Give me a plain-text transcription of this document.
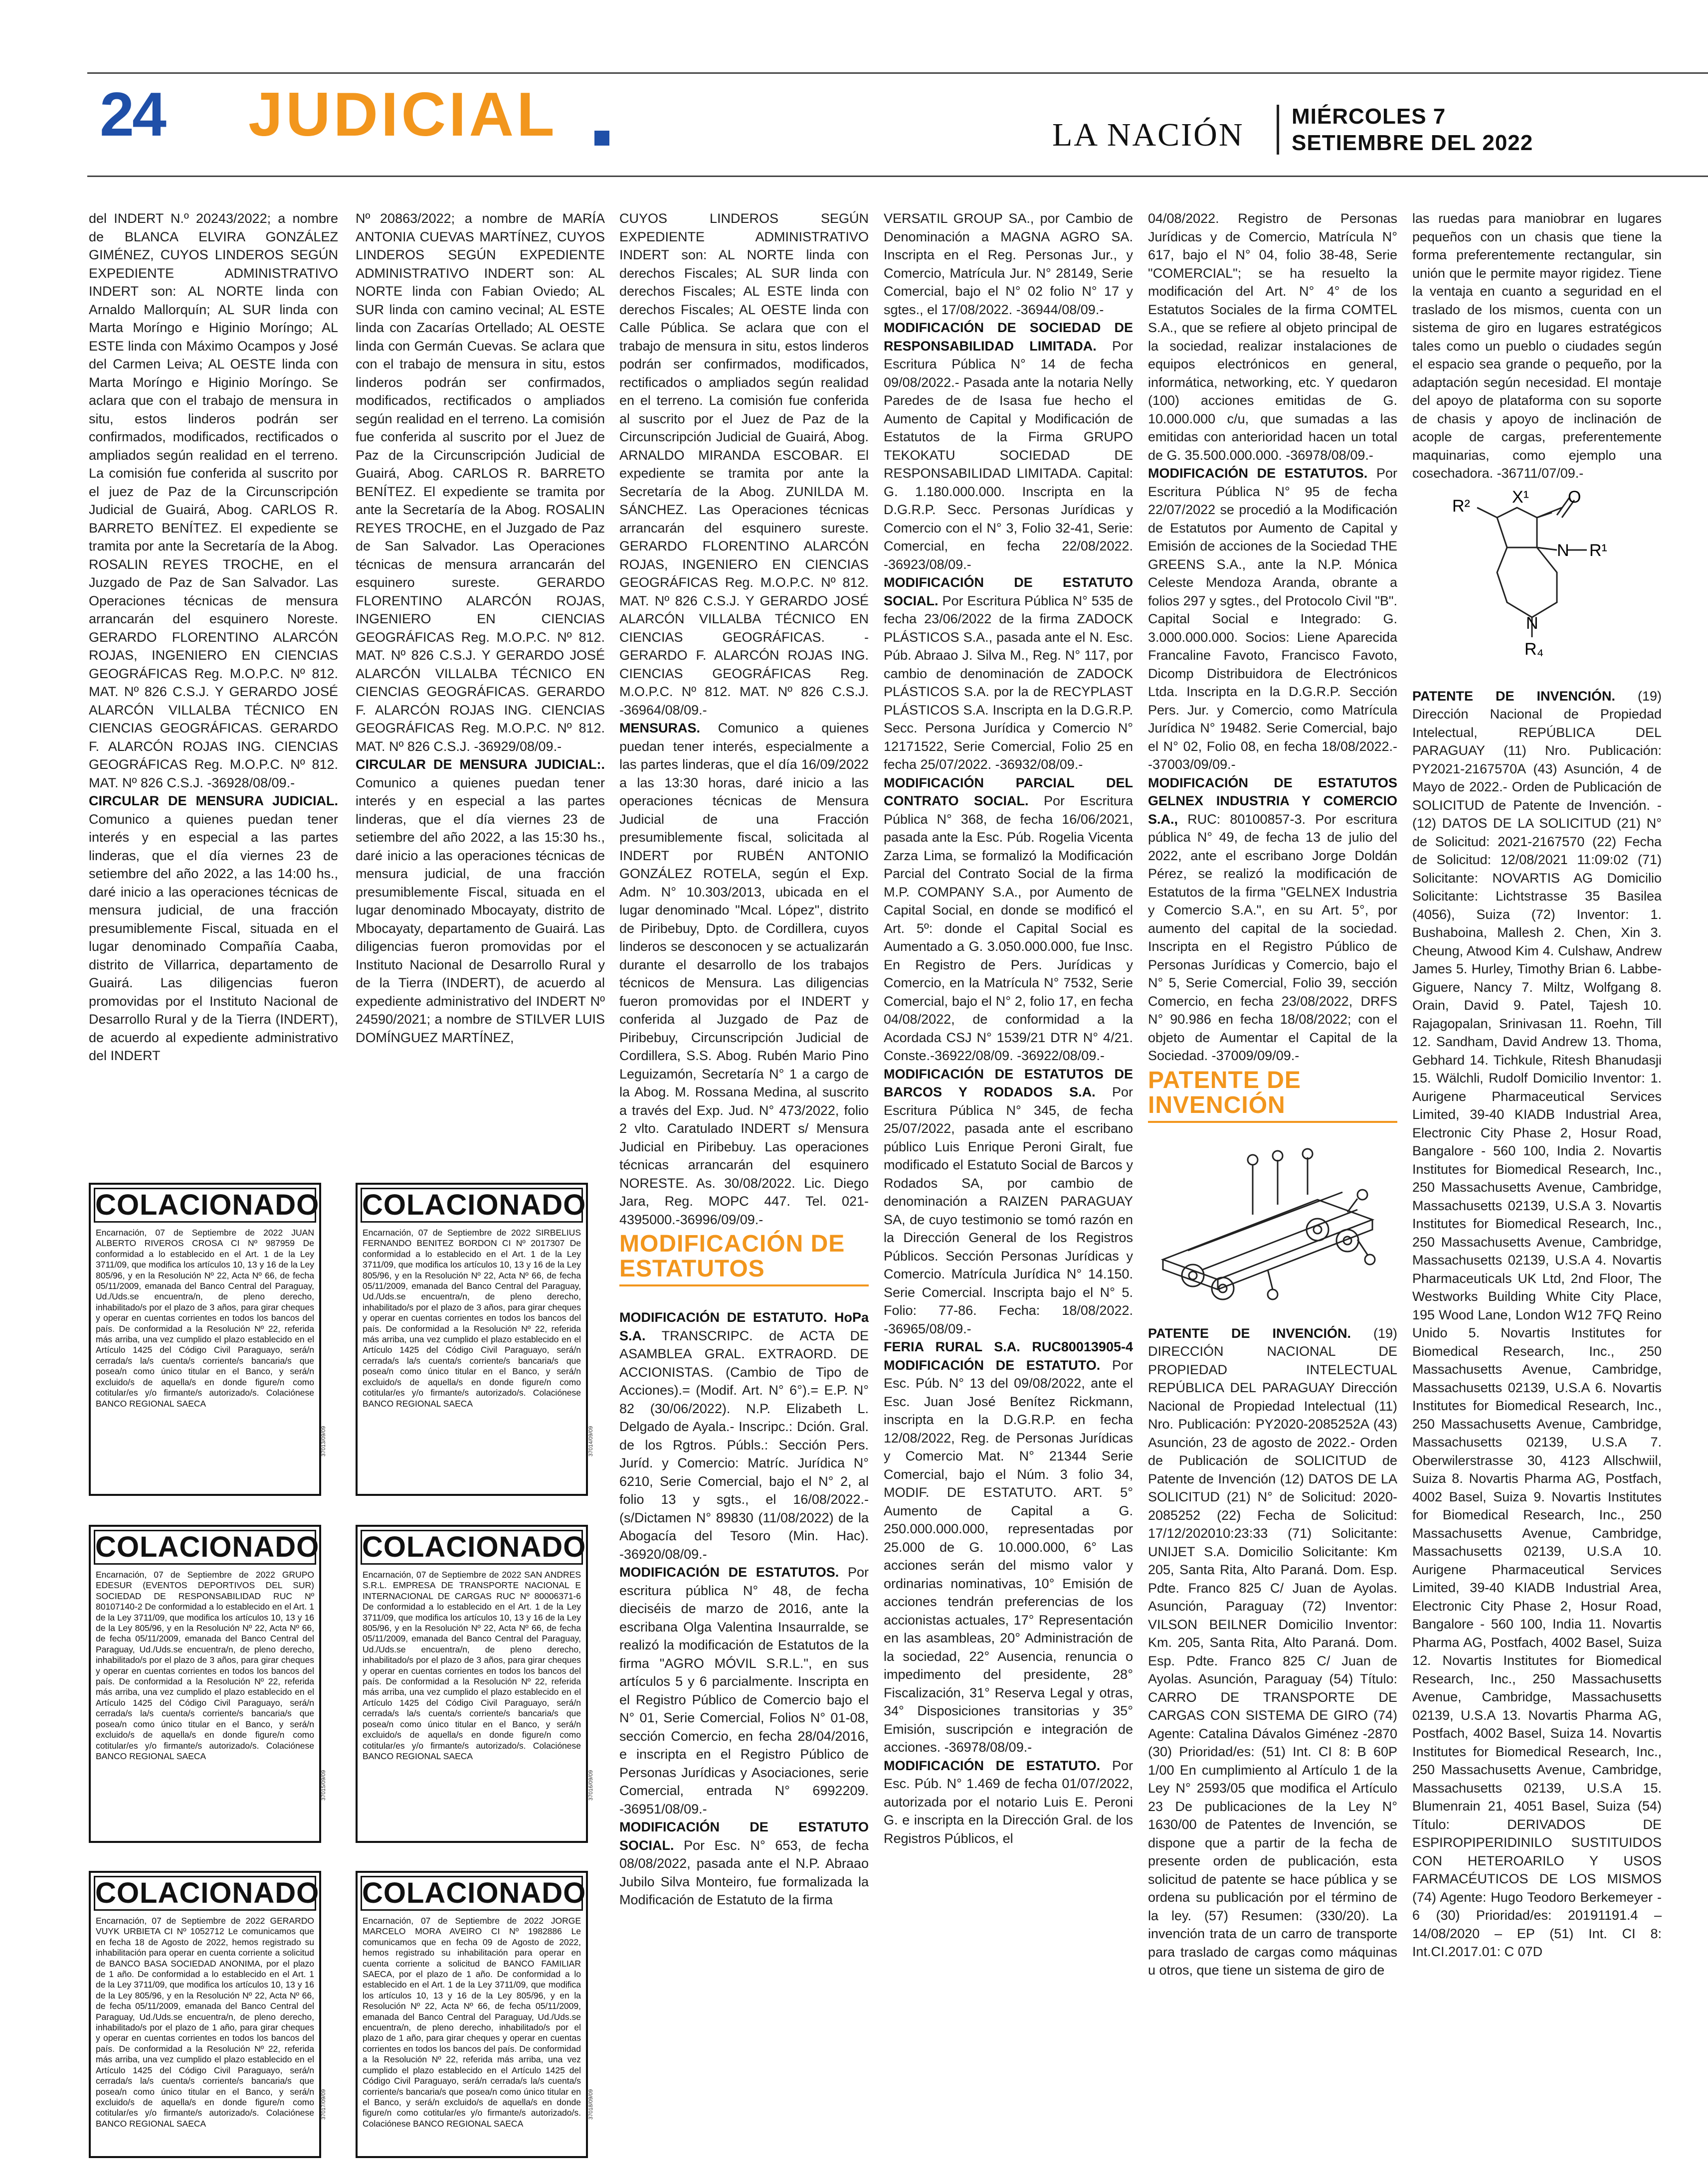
24 JUDICIAL	LA NACIÓN
MIÉRCOLES 7
SETIEMBRE DEL 2022

del INDERT N.º 20243/2022; a nombre de BLANCA ELVIRA GONZÁLEZ GIMÉNEZ, CUYOS LINDEROS SEGÚN EXPEDIENTE ADMINISTRATIVO INDERT son: AL NORTE linda con Arnaldo Mallorquín; AL SUR linda con Marta Moríngo e Higinio Moríngo; AL ESTE linda con Máximo Ocampos y José del Carmen Leiva; AL OESTE linda con Marta Moríngo e Higinio Moríngo. Se aclara que con el trabajo de mensura in situ, estos linderos podrán ser confirmados, modificados, rectificados o ampliados según realidad en el terreno. La comisión fue conferida al suscrito por el juez de Paz de la Circunscripción Judicial de Guairá, Abog. CARLOS R. BARRETO BENÍTEZ. El expediente se tramita por ante la Secretaría de la Abog. ROSALIN REYES TROCHE, en el Juzgado de Paz de San Salvador. Las Operaciones técnicas de mensura arrancarán del esquinero Noreste. GERARDO FLORENTINO ALARCÓN ROJAS, INGENIERO EN CIENCIAS GEOGRÁFICAS Reg. M.O.P.C. Nº 812. MAT. Nº 826 C.S.J. Y GERARDO JOSÉ ALARCÓN VILLALBA TÉCNICO EN CIENCIAS GEOGRÁFICAS. GERARDO F. ALARCÓN ROJAS ING. CIENCIAS GEOGRÁFICAS Reg. M.O.P.C. Nº 812. MAT. Nº 826 C.S.J. -36928/08/09.-

CIRCULAR DE MENSURA JUDICIAL. Comunico a quienes puedan tener interés y en especial a las partes linderas, que el día viernes 23 de setiembre del año 2022, a las 14:00 hs., daré inicio a las operaciones técnicas de mensura judicial, de una fracción presumiblemente Fiscal, situada en el lugar denominado Compañía Caaba, distrito de Villarrica, departamento de Guairá. Las diligencias fueron promovidas por el Instituto Nacional de Desarrollo Rural y de la Tierra (INDERT), de acuerdo al expediente administrativo del INDERT

Nº 20863/2022; a nombre de MARÍA ANTONIA CUEVAS MARTÍNEZ, CUYOS LINDEROS SEGÚN EXPEDIENTE ADMINISTRATIVO INDERT son: AL NORTE linda con Fabian Oviedo; AL SUR linda con camino vecinal; AL ESTE linda con Zacarías Ortellado; AL OESTE linda con Germán Cuevas. Se aclara que con el trabajo de mensura in situ, estos linderos podrán ser confirmados, modificados, rectificados o ampliados según realidad en el terreno. La comisión fue conferida al suscrito por el Juez de Paz de la Circunscripción Judicial de Guairá, Abog. CARLOS R. BARRETO BENÍTEZ. El expediente se tramita por ante la Secretaría de la Abog. ROSALIN REYES TROCHE, en el Juzgado de Paz de San Salvador. Las Operaciones técnicas de mensura arrancarán del esquinero sureste. GERARDO FLORENTINO ALARCÓN ROJAS, INGENIERO EN CIENCIAS GEOGRÁFICAS Reg. M.O.P.C. Nº 812. MAT. Nº 826 C.S.J. Y GERARDO JOSÉ ALARCÓN VILLALBA TÉCNICO EN CIENCIAS GEOGRÁFICAS. GERARDO F. ALARCÓN ROJAS ING. CIENCIAS GEOGRÁFICAS Reg. M.O.P.C. Nº 812. MAT. Nº 826 C.S.J. -36929/08/09.-

CIRCULAR DE MENSURA JUDICIAL:. Comunico a quienes puedan tener interés y en especial a las partes linderas, que el día viernes 23 de setiembre del año 2022, a las 15:30 hs., daré inicio a las operaciones técnicas de mensura judicial, de una fracción presumiblemente Fiscal, situada en el lugar denominado Mbocayaty, distrito de Mbocayaty, departamento de Guairá. Las diligencias fueron promovidas por el Instituto Nacional de Desarrollo Rural y de la Tierra (INDERT), de acuerdo al expediente administrativo del INDERT Nº 24590/2021; a nombre de STILVER LUIS DOMÍNGUEZ MARTÍNEZ,

COLACIONADO
Encarnación, 07 de Septiembre de 2022 JUAN ALBERTO RIVEROS CROSA CI Nº 987959 De conformidad a lo establecido en el Art. 1 de la Ley 3711/09, que modifica los artículos 10, 13 y 16 de la Ley 805/96, y en la Resolución Nº 22, Acta Nº 66, de fecha 05/11/2009, emanada del Banco Central del Paraguay, Ud./Uds.se encuentra/n, de pleno derecho, inhabilitado/s por el plazo de 3 años, para girar cheques y operar en cuentas corrientes en todos los bancos del país. De conformidad a la Resolución Nº 22, referida más arriba, una vez cumplido el plazo establecido en el Artículo 1425 del Código Civil Paraguayo, será/n cerrada/s la/s cuenta/s corriente/s bancaria/s que posea/n como único titular en el Banco, y será/n excluido/s de aquella/s en donde figure/n como cotitular/es y/o firmante/s autorizado/s. Colaciónese BANCO REGIONAL SAECA
37013/09/09
COLACIONADO
Encarnación, 07 de Septiembre de 2022 SIRBELIUS FERNANDO BENITEZ BORDON CI Nº 2017307 De conformidad a lo establecido en el Art. 1 de la Ley 3711/09, que modifica los artículos 10, 13 y 16 de la Ley 805/96, y en la Resolución Nº 22, Acta Nº 66, de fecha 05/11/2009, emanada del Banco Central del Paraguay, Ud./Uds.se encuentra/n, de pleno derecho, inhabilitado/s por el plazo de 3 años, para girar cheques y operar en cuentas corrientes en todos los bancos del país. De conformidad a la Resolución Nº 22, referida más arriba, una vez cumplido el plazo establecido en el Artículo 1425 del Código Civil Paraguayo, será/n cerrada/s la/s cuenta/s corriente/s bancaria/s que posea/n como único titular en el Banco, y será/n excluido/s de aquella/s en donde figure/n como cotitular/es y/o firmante/s autorizado/s. Colaciónese BANCO REGIONAL SAECA
37014/09/09
COLACIONADO
Encarnación, 07 de Septiembre de 2022 GRUPO EDESUR (EVENTOS DEPORTIVOS DEL SUR) SOCIEDAD DE RESPONSABILIDAD RUC Nº 80107140-2 De conformidad a lo establecido en el Art. 1 de la Ley 3711/09, que modifica los artículos 10, 13 y 16 de la Ley 805/96, y en la Resolución Nº 22, Acta Nº 66, de fecha 05/11/2009, emanada del Banco Central del Paraguay, Ud./Uds.se encuentra/n, de pleno derecho, inhabilitado/s por el plazo de 3 años, para girar cheques y operar en cuentas corrientes en todos los bancos del país. De conformidad a la Resolución Nº 22, referida más arriba, una vez cumplido el plazo establecido en el Artículo 1425 del Código Civil Paraguayo, será/n cerrada/s la/s cuenta/s corriente/s bancaria/s que posea/n como único titular en el Banco, y será/n excluido/s de aquella/s en donde figure/n como cotitular/es y/o firmante/s autorizado/s. Colaciónese BANCO REGIONAL SAECA
37015/09/09
COLACIONADO
Encarnación, 07 de Septiembre de 2022 SAN ANDRES S.R.L. EMPRESA DE TRANSPORTE NACIONAL E INTERNACIONAL DE CARGAS RUC Nº 80006371-6 De conformidad a lo establecido en el Art. 1 de la Ley 3711/09, que modifica los artículos 10, 13 y 16 de la Ley 805/96, y en la Resolución Nº 22, Acta Nº 66, de fecha 05/11/2009, emanada del Banco Central del Paraguay, Ud./Uds.se encuentra/n, de pleno derecho, inhabilitado/s por el plazo de 3 años, para girar cheques y operar en cuentas corrientes en todos los bancos del país. De conformidad a la Resolución Nº 22, referida más arriba, una vez cumplido el plazo establecido en el Artículo 1425 del Código Civil Paraguayo, será/n cerrada/s la/s cuenta/s corriente/s bancaria/s que posea/n como único titular en el Banco, y será/n excluido/s de aquella/s en donde figure/n como cotitular/es y/o firmante/s autorizado/s. Colaciónese BANCO REGIONAL SAECA
37016/09/09
COLACIONADO
Encarnación, 07 de Septiembre de 2022 GERARDO VUYK URBIETA CI Nº 1052712 Le comunicamos que en fecha 18 de Agosto de 2022, hemos registrado su inhabilitación para operar en cuenta corriente a solicitud de BANCO BASA SOCIEDAD ANONIMA, por el plazo de 1 año. De conformidad a lo establecido en el Art. 1 de la Ley 3711/09, que modifica los artículos 10, 13 y 16 de la Ley 805/96, y en la Resolución Nº 22, Acta Nº 66, de fecha 05/11/2009, emanada del Banco Central del Paraguay, Ud./Uds.se encuentra/n, de pleno derecho, inhabilitado/s por el plazo de 1 año, para girar cheques y operar en cuentas corrientes en todos los bancos del país. De conformidad a la Resolución Nº 22, referida más arriba, una vez cumplido el plazo establecido en el Artículo 1425 del Código Civil Paraguayo, será/n cerrada/s la/s cuenta/s corriente/s bancaria/s que posea/n como único titular en el Banco, y será/n excluido/s de aquella/s en donde figure/n como cotitular/es y/o firmante/s autorizado/s. Colaciónese BANCO REGIONAL SAECA
37017/09/09
COLACIONADO
Encarnación, 07 de Septiembre de 2022 JORGE MARCELO MORA AVEIRO CI Nº 1982886 Le comunicamos que en fecha 09 de Agosto de 2022, hemos registrado su inhabilitación para operar en cuenta corriente a solicitud de BANCO FAMILIAR SAECA, por el plazo de 1 año. De conformidad a lo establecido en el Art. 1 de la Ley 3711/09, que modifica los artículos 10, 13 y 16 de la Ley 805/96, y en la Resolución Nº 22, Acta Nº 66, de fecha 05/11/2009, emanada del Banco Central del Paraguay, Ud./Uds.se encuentra/n, de pleno derecho, inhabilitado/s por el plazo de 1 año, para girar cheques y operar en cuentas corrientes en todos los bancos del país. De conformidad a la Resolución Nº 22, referida más arriba, una vez cumplido el plazo establecido en el Artículo 1425 del Código Civil Paraguayo, será/n cerrada/s la/s cuenta/s corriente/s bancaria/s que posea/n como único titular en el Banco, y será/n excluido/s de aquella/s en donde figure/n como cotitular/es y/o firmante/s autorizado/s. Colaciónese BANCO REGIONAL SAECA
37018/09/09

CUYOS LINDEROS SEGÚN EXPEDIENTE ADMINISTRATIVO INDERT son: AL NORTE linda con derechos Fiscales; AL SUR linda con derechos Fiscales; AL ESTE linda con derechos Fiscales; AL OESTE linda con Calle Pública. Se aclara que con el trabajo de mensura in situ, estos linderos podrán ser confirmados, modificados, rectificados o ampliados según realidad en el terreno. La comisión fue conferida al suscrito por el Juez de Paz de la Circunscripción Judicial de Guairá, Abog. ARNALDO MIRANDA ESCOBAR. El expediente se tramita por ante la Secretaría de la Abog. ZUNILDA M. SÁNCHEZ. Las Operaciones técnicas arrancarán del esquinero sureste. GERARDO FLORENTINO ALARCÓN ROJAS, INGENIERO EN CIENCIAS GEOGRÁFICAS Reg. M.O.P.C. Nº 812. MAT. Nº 826 C.S.J. Y GERARDO JOSÉ ALARCÓN VILLALBA TÉCNICO EN CIENCIAS GEOGRÁFICAS. - GERARDO F. ALARCÓN ROJAS ING. CIENCIAS GEOGRÁFICAS Reg. M.O.P.C. Nº 812. MAT. Nº 826 C.S.J. -36964/08/09.-

MENSURAS. Comunico a quienes puedan tener interés, especialmente a las partes linderas, que el día 16/09/2022 a las 13:30 horas, daré inicio a las operaciones técnicas de Mensura Judicial de una Fracción presumiblemente fiscal, solicitada al INDERT por RUBÉN ANTONIO GONZÁLEZ ROTELA, según el Exp. Adm. N° 10.303/2013, ubicada en el lugar denominado "Mcal. López", distrito de Piribebuy, Dpto. de Cordillera, cuyos linderos se desconocen y se actualizarán durante el desarrollo de los trabajos técnicos de Mensura. Las diligencias fueron promovidas por el INDERT y conferida al Juzgado de Paz de Piribebuy, Circunscripción Judicial de Cordillera, S.S. Abog. Rubén Mario Pino Leguizamón, Secretaría N° 1 a cargo de la Abog. M. Rossana Medina, al suscrito a través del Exp. Jud. N° 473/2022, folio 2 vlto. Caratulado INDERT s/ Mensura Judicial en Piribebuy. Las operaciones técnicas arrancarán del esquinero NORESTE. As. 30/08/2022. Lic. Diego Jara, Reg. MOPC 447. Tel. 021-4395000.-36996/09/09.-

MODIFICACIÓN DE ESTATUTOS

MODIFICACIÓN DE ESTATUTO. HoPa S.A. TRANSCRIPC. de ACTA DE ASAMBLEA GRAL. EXTRAORD. DE ACCIONISTAS. (Cambio de Tipo de Acciones).= (Modif. Art. N° 6°).= E.P. N° 82 (30/06/2022). N.P. Elizabeth L. Delgado de Ayala.- Inscripc.: Dción. Gral. de los Rgtros. Públs.: Sección Pers. Juríd. y Comercio: Matríc. Jurídica N° 6210, Serie Comercial, bajo el N° 2, al folio 13 y sgts., el 16/08/2022.- (s/Dictamen N° 89830 (11/08/2022) de la Abogacía del Tesoro (Min. Hac). -36920/08/09.-

MODIFICACIÓN DE ESTATUTOS. Por escritura pública N° 48, de fecha dieciséis de marzo de 2016, ante la escribana Olga Valentina Insaurralde, se realizó la modificación de Estatutos de la firma "AGRO MÓVIL S.R.L.", en sus artículos 5 y 6 parcialmente. Inscripta en el Registro Público de Comercio bajo el N° 01, Serie Comercial, Folios N° 01-08, sección Comercio, en fecha 28/04/2016, e inscripta en el Registro Público de Personas Jurídicas y Asociaciones, serie Comercial, entrada N° 6992209. -36951/08/09.-

MODIFICACIÓN DE ESTATUTO SOCIAL. Por Esc. N° 653, de fecha 08/08/2022, pasada ante el N.P. Abraao Jubilo Silva Monteiro, fue formalizada la Modificación de Estatuto de la firma

VERSATIL GROUP SA., por Cambio de Denominación a MAGNA AGRO SA. Inscripta en el Reg. Personas Jur., y Comercio, Matrícula Jur. N° 28149, Serie Comercial, bajo el N° 02 folio N° 17 y sgtes., el 17/08/2022. -36944/08/09.-

MODIFICACIÓN DE SOCIEDAD DE RESPONSABILIDAD LIMITADA. Por Escritura Pública N° 14 de fecha 09/08/2022.- Pasada ante la notaria Nelly Paredes de de Isasa fue hecho el Aumento de Capital y Modificación de Estatutos de la Firma GRUPO TEKOKATU SOCIEDAD DE RESPONSABILIDAD LIMITADA. Capital: G. 1.180.000.000. Inscripta en la D.G.R.P. Secc. Personas Jurídicas y Comercio con el N° 3, Folio 32-41, Serie: Comercial, en fecha 22/08/2022. -36923/08/09.-

MODIFICACIÓN DE ESTATUTO SOCIAL. Por Escritura Pública N° 535 de fecha 23/06/2022 de la firma ZADOCK PLÁSTICOS S.A., pasada ante el N. Esc. Púb. Abraao J. Silva M., Reg. N° 117, por cambio de denominación de ZADOCK PLÁSTICOS S.A. por la de RECYPLAST PLÁSTICOS S.A. Inscripta en la D.G.R.P. Secc. Persona Jurídica y Comercio N° 12171522, Serie Comercial, Folio 25 en fecha 25/07/2022. -36932/08/09.-

MODIFICACIÓN PARCIAL DEL CONTRATO SOCIAL. Por Escritura Pública N° 368, de fecha 16/06/2021, pasada ante la Esc. Púb. Rogelia Vicenta Zarza Lima, se formalizó la Modificación Parcial del Contrato Social de la firma M.P. COMPANY S.A., por Aumento de Capital Social, en donde se modificó el Art. 5º: donde el Capital Social es Aumentado a G. 3.050.000.000, fue Insc. En Registro de Pers. Jurídicas y Comercio, en la Matrícula N° 7532, Serie Comercial, bajo el N° 2, folio 17, en fecha 04/08/2022, de conformidad a la Acordada CSJ N° 1539/21 DTR N° 4/21. Conste.-36922/08/09. -36922/08/09.-

MODIFICACIÓN DE ESTATUTOS DE BARCOS Y RODADOS S.A. Por Escritura Pública N° 345, de fecha 25/07/2022, pasada ante el escribano público Luis Enrique Peroni Giralt, fue modificado el Estatuto Social de Barcos y Rodados SA, por cambio de denominación a RAIZEN PARAGUAY SA, de cuyo testimonio se tomó razón en la Dirección General de los Registros Públicos. Sección Personas Jurídicas y Comercio. Matrícula Jurídica N° 14.150. Serie Comercial. Inscripta bajo el N° 5. Folio: 77-86. Fecha: 18/08/2022. -36965/08/09.-

FERIA RURAL S.A. RUC80013905-4 MODIFICACIÓN DE ESTATUTO. Por Esc. Púb. N° 13 del 09/08/2022, ante el Esc. Juan José Benítez Rickmann, inscripta en la D.G.R.P. en fecha 12/08/2022, Reg. de Personas Jurídicas y Comercio Mat. N° 21344 Serie Comercial, bajo el Núm. 3 folio 34, MODIF. DE ESTATUTO. ART. 5° Aumento de Capital a G. 250.000.000.000, representadas por 25.000 de G. 10.000.000, 6° Las acciones serán del mismo valor y ordinarias nominativas, 10° Emisión de acciones tendrán preferencias de los accionistas actuales, 17° Representación en las asambleas, 20° Administración de la sociedad, 22° Ausencia, renuncia o impedimento del presidente, 28° Fiscalización, 31° Reserva Legal y otras, 34° Disposiciones transitorias y 35° Emisión, suscripción e integración de acciones. -36978/08/09.-

MODIFICACIÓN DE ESTATUTO. Por Esc. Púb. N° 1.469 de fecha 01/07/2022, autorizada por el notario Luis E. Peroni G. e inscripta en la Dirección Gral. de los Registros Públicos, el

04/08/2022. Registro de Personas Jurídicas y de Comercio, Matrícula N° 617, bajo el N° 04, folio 38-48, Serie "COMERCIAL"; se ha resuelto la modificación del Art. N° 4° de los Estatutos Sociales de la firma COMTEL S.A., que se refiere al objeto principal de la sociedad, realizar instalaciones de equipos electrónicos en general, informática, networking, etc. Y quedaron (100) acciones emitidas de G. 10.000.000 c/u, que sumadas a las emitidas con anterioridad hacen un total de G. 35.500.000.000. -36978/08/09.-

MODIFICACIÓN DE ESTATUTOS. Por Escritura Pública N° 95 de fecha 22/07/2022 se procedió a la Modificación de Estatutos por Aumento de Capital y Emisión de acciones de la Sociedad THE GREENS S.A., ante la N.P. Mónica Celeste Mendoza Aranda, obrante a folios 297 y sgtes., del Protocolo Civil "B". Capital Social e Integrado: G. 3.000.000.000. Socios: Liene Aparecida Francaline Favoto, Francisco Favoto, Dicomp Distribuidora de Electrónicos Ltda. Inscripta en la D.G.R.P. Sección Pers. Jur. y Comercio, como Matrícula Jurídica N° 19482. Serie Comercial, bajo el N° 02, Folio 08, en fecha 18/08/2022.- -37003/09/09.-

MODIFICACIÓN DE ESTATUTOS GELNEX INDUSTRIA Y COMERCIO S.A., RUC: 80100857-3. Por escritura pública N° 49, de fecha 13 de julio del 2022, ante el escribano Jorge Doldán Pérez, se realizó la modificación de Estatutos de la firma "GELNEX Industria y Comercio S.A.", en su Art. 5°, por aumento del capital de la sociedad. Inscripta en el Registro Público de Personas Jurídicas y Comercio, bajo el N° 5, Serie Comercial, Folio 39, sección Comercio, en fecha 23/08/2022, DRFS N° 90.986 en fecha 18/08/2022; con el objeto de Aumentar el Capital de la Sociedad. -37009/09/09.-

PATENTE DE INVENCIÓN

PATENTE DE INVENCIÓN. (19) DIRECCIÓN NACIONAL DE PROPIEDAD INTELECTUAL REPÚBLICA DEL PARAGUAY Dirección Nacional de Propiedad Intelectual (11) Nro. Publicación: PY2020-2085252A (43) Asunción, 23 de agosto de 2022.- Orden de Publicación de SOLICITUD de Patente de Invención (12) DATOS DE LA SOLICITUD (21) N° de Solicitud: 2020-2085252 (22) Fecha de Solicitud: 17/12/202010:23:33 (71) Solicitante: UNIJET S.A. Domicilio Solicitante: Km 205, Santa Rita, Alto Paraná. Dom. Esp. Pdte. Franco 825 C/ Juan de Ayolas. Asunción, Paraguay (72) Inventor: VILSON BEILNER Domicilio Inventor: Km. 205, Santa Rita, Alto Paraná. Dom. Esp. Pdte. Franco 825 C/ Juan de Ayolas. Asunción, Paraguay (54) Título: CARRO DE TRANSPORTE DE CARGAS CON SISTEMA DE GIRO (74) Agente: Catalina Dávalos Giménez -2870 (30) Prioridad/es: (51) Int. CI 8: B 60P 1/00 En cumplimiento al Artículo 1 de la Ley N° 2593/05 que modifica el Artículo 23 De publicaciones de la Ley N° 1630/00 de Patentes de Invención, se dispone que a partir de la fecha de presente orden de publicación, esta solicitud de patente se hace pública y se ordena su publicación por el término de la ley. (57) Resumen: (330/20). La invención trata de un carro de transporte para traslado de cargas como máquinas u otros, que tiene un sistema de giro de

las ruedas para maniobrar en lugares pequeños con un chasis que tiene la forma preferentemente rectangular, sin unión que le permite mayor rigidez. Tiene la ventaja en cuanto a seguridad en el traslado de los mismos, cuenta con un sistema de giro en lugares estratégicos tales como un pueblo o ciudades según el espacio sea grande o pequeño, por la adaptación según necesidad. El montaje del apoyo de plataforma con su soporte de chasis y apoyo de inclinación de acople de cargas, preferentemente maquinarias, como ejemplo una cosechadora. -36711/07/09.-

R² X¹ O
N R¹
N
R₄

PATENTE DE INVENCIÓN. (19) Dirección Nacional de Propiedad Intelectual, REPÚBLICA DEL PARAGUAY (11) Nro. Publicación: PY2021-2167570A (43) Asunción, 4 de Mayo de 2022.- Orden de Publicación de SOLICITUD de Patente de Invención. - (12) DATOS DE LA SOLICITUD (21) N° de Solicitud: 2021-2167570 (22) Fecha de Solicitud: 12/08/2021 11:09:02 (71) Solicitante: NOVARTIS AG Domicilio Solicitante: Lichtstrasse 35 Basilea (4056), Suiza (72) Inventor: 1. Bushaboina, Mallesh 2. Chen, Xin 3. Cheung, Atwood Kim 4. Culshaw, Andrew James 5. Hurley, Timothy Brian 6. Labbe- Giguere, Nancy 7. Miltz, Wolfgang 8. Orain, David 9. Patel, Tajesh 10. Rajagopalan, Srinivasan 11. Roehn, Till 12. Sandham, David Andrew 13. Thoma, Gebhard 14. Tichkule, Ritesh Bhanudasji 15. Wälchli, Rudolf Domicilio Inventor: 1. Aurigene Pharmaceutical Services Limited, 39-40 KIADB Industrial Area, Electronic City Phase 2, Hosur Road, Bangalore - 560 100, India 2. Novartis Institutes for Biomedical Research, Inc., 250 Massachusetts Avenue, Cambridge, Massachusetts 02139, U.S.A 3. Novartis Institutes for Biomedical Research, Inc., 250 Massachusetts Avenue, Cambridge, Massachusetts 02139, U.S.A 4. Novartis Pharmaceuticals UK Ltd, 2nd Floor, The Westworks Building White City Place, 195 Wood Lane, London W12 7FQ Reino Unido 5. Novartis Institutes for Biomedical Research, Inc., 250 Massachusetts Avenue, Cambridge, Massachusetts 02139, U.S.A 6. Novartis Institutes for Biomedical Research, Inc., 250 Massachusetts Avenue, Cambridge, Massachusetts 02139, U.S.A 7. Oberwilerstrasse 30, 4123 Allschwiil, Suiza 8. Novartis Pharma AG, Postfach, 4002 Basel, Suiza 9. Novartis Institutes for Biomedical Research, Inc., 250 Massachusetts Avenue, Cambridge, Massachusetts 02139, U.S.A 10. Aurigene Pharmaceutical Services Limited, 39-40 KIADB Industrial Area, Electronic City Phase 2, Hosur Road, Bangalore - 560 100, India 11. Novartis Pharma AG, Postfach, 4002 Basel, Suiza 12. Novartis Institutes for Biomedical Research, Inc., 250 Massachusetts Avenue, Cambridge, Massachusetts 02139, U.S.A 13. Novartis Pharma AG, Postfach, 4002 Basel, Suiza 14. Novartis Institutes for Biomedical Research, Inc., 250 Massachusetts Avenue, Cambridge, Massachusetts 02139, U.S.A 15. Blumenrain 21, 4051 Basel, Suiza (54) Título: DERIVADOS DE ESPIROPIPERIDINILO SUSTITUIDOS CON HETEROARILO Y USOS FARMACÉUTICOS DE LOS MISMOS (74) Agente: Hugo Teodoro Berkemeyer - 6 (30) Prioridad/es: 20191191.4 – 14/08/2020 – EP (51) Int. CI 8: Int.CI.2017.01: C 07D
